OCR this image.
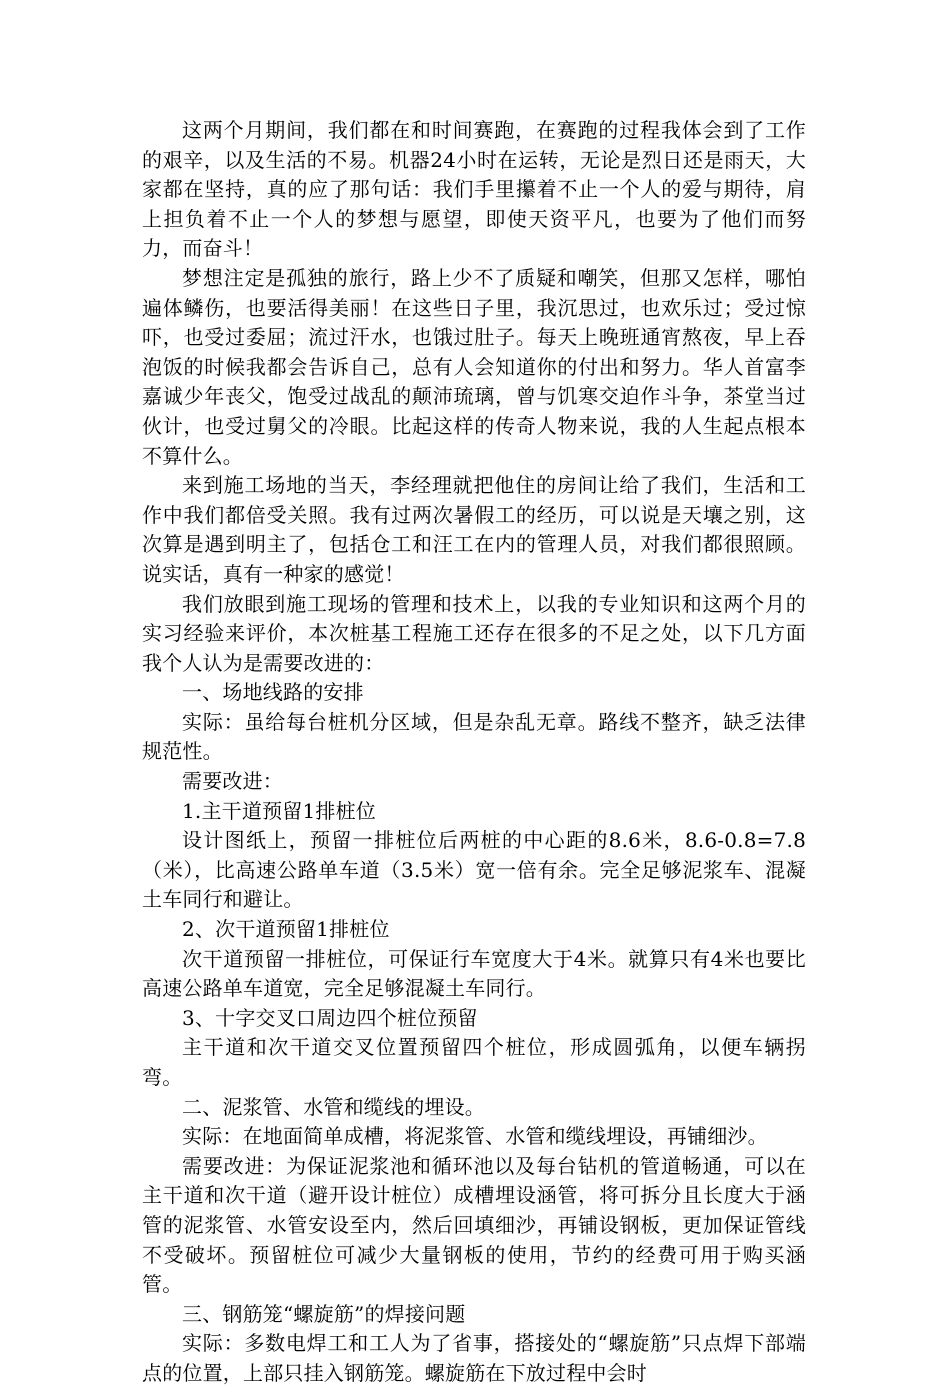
这两个月期间，我们都在和时间赛跑，在赛跑的过程我体会到了工作的艰辛，以及生活的不易。机器24小时在运转，无论是烈日还是雨天，大家都在坚持，真的应了那句话：我们手里攥着不止一个人的爱与期待，肩上担负着不止一个人的梦想与愿望，即使天资平凡，也要为了他们而努力，而奋斗！

梦想注定是孤独的旅行，路上少不了质疑和嘲笑，但那又怎样，哪怕遍体鳞伤，也要活得美丽！在这些日子里，我沉思过，也欢乐过；受过惊吓，也受过委屈；流过汗水，也饿过肚子。每天上晚班通宵熬夜，早上吞泡饭的时候我都会告诉自己，总有人会知道你的付出和努力。华人首富李嘉诚少年丧父，饱受过战乱的颠沛琉璃，曾与饥寒交迫作斗争，茶堂当过伙计，也受过舅父的冷眼。比起这样的传奇人物来说，我的人生起点根本不算什么。

来到施工场地的当天，李经理就把他住的房间让给了我们，生活和工作中我们都倍受关照。我有过两次暑假工的经历，可以说是天壤之别，这次算是遇到明主了，包括仓工和汪工在内的管理人员，对我们都很照顾。说实话，真有一种家的感觉！

我们放眼到施工现场的管理和技术上，以我的专业知识和这两个月的实习经验来评价，本次桩基工程施工还存在很多的不足之处，以下几方面我个人认为是需要改进的：

一、场地线路的安排

实际：虽给每台桩机分区域，但是杂乱无章。路线不整齐，缺乏法律规范性。

需要改进：

1.主干道预留1排桩位

设计图纸上，预留一排桩位后两桩的中心距的8.6米，8.6-0.8=7.8（米），比高速公路单车道（3.5米）宽一倍有余。完全足够泥浆车、混凝土车同行和避让。

2、次干道预留1排桩位

次干道预留一排桩位，可保证行车宽度大于4米。就算只有4米也要比高速公路单车道宽，完全足够混凝土车同行。

3、十字交叉口周边四个桩位预留

主干道和次干道交叉位置预留四个桩位，形成圆弧角，以便车辆拐弯。

二、泥浆管、水管和缆线的埋设。

实际：在地面简单成槽，将泥浆管、水管和缆线埋设，再铺细沙。

需要改进：为保证泥浆池和循环池以及每台钻机的管道畅通，可以在主干道和次干道（避开设计桩位）成槽埋设涵管，将可拆分且长度大于涵管的泥浆管、水管安设至内，然后回填细沙，再铺设钢板，更加保证管线不受破坏。预留桩位可减少大量钢板的使用，节约的经费可用于购买涵管。

三、钢筋笼“螺旋筋”的焊接问题

实际：多数电焊工和工人为了省事，搭接处的“螺旋筋”只点焊下部端点的位置，上部只挂入钢筋笼。螺旋筋在下放过程中会时
